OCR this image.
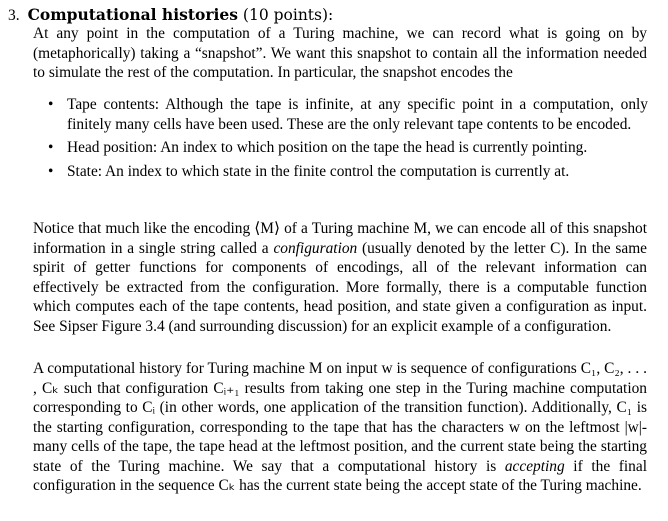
3. Computational histories (10 points):

At any point in the computation of a Turing machine, we can record what is going on by (metaphorically) taking a “snapshot”. We want this snapshot to contain all the information needed to simulate the rest of the computation. In particular, the snapshot encodes the

• Tape contents: Although the tape is infinite, at any specific point in a computation, only finitely many cells have been used. These are the only relevant tape contents to be encoded.
• Head position: An index to which position on the tape the head is currently pointing.
• State: An index to which state in the finite control the computation is currently at.

Notice that much like the encoding ⟨M⟩ of a Turing machine M, we can encode all of this snapshot information in a single string called a configuration (usually denoted by the letter C). In the same spirit of getter functions for components of encodings, all of the relevant information can effectively be extracted from the configuration. More formally, there is a computable function which computes each of the tape contents, head position, and state given a configuration as input. See Sipser Figure 3.4 (and surrounding discussion) for an explicit example of a configuration.

A computational history for Turing machine M on input w is sequence of configurations C₁, C₂, . . . , Cₖ such that configuration Cᵢ₊₁ results from taking one step in the Turing machine computation corresponding to Cᵢ (in other words, one application of the transition function). Additionally, C₁ is the starting configuration, corresponding to the tape that has the characters w on the leftmost |w|-many cells of the tape, the tape head at the leftmost position, and the current state being the starting state of the Turing machine. We say that a computational history is accepting if the final configuration in the sequence Cₖ has the current state being the accept state of the Turing machine.
